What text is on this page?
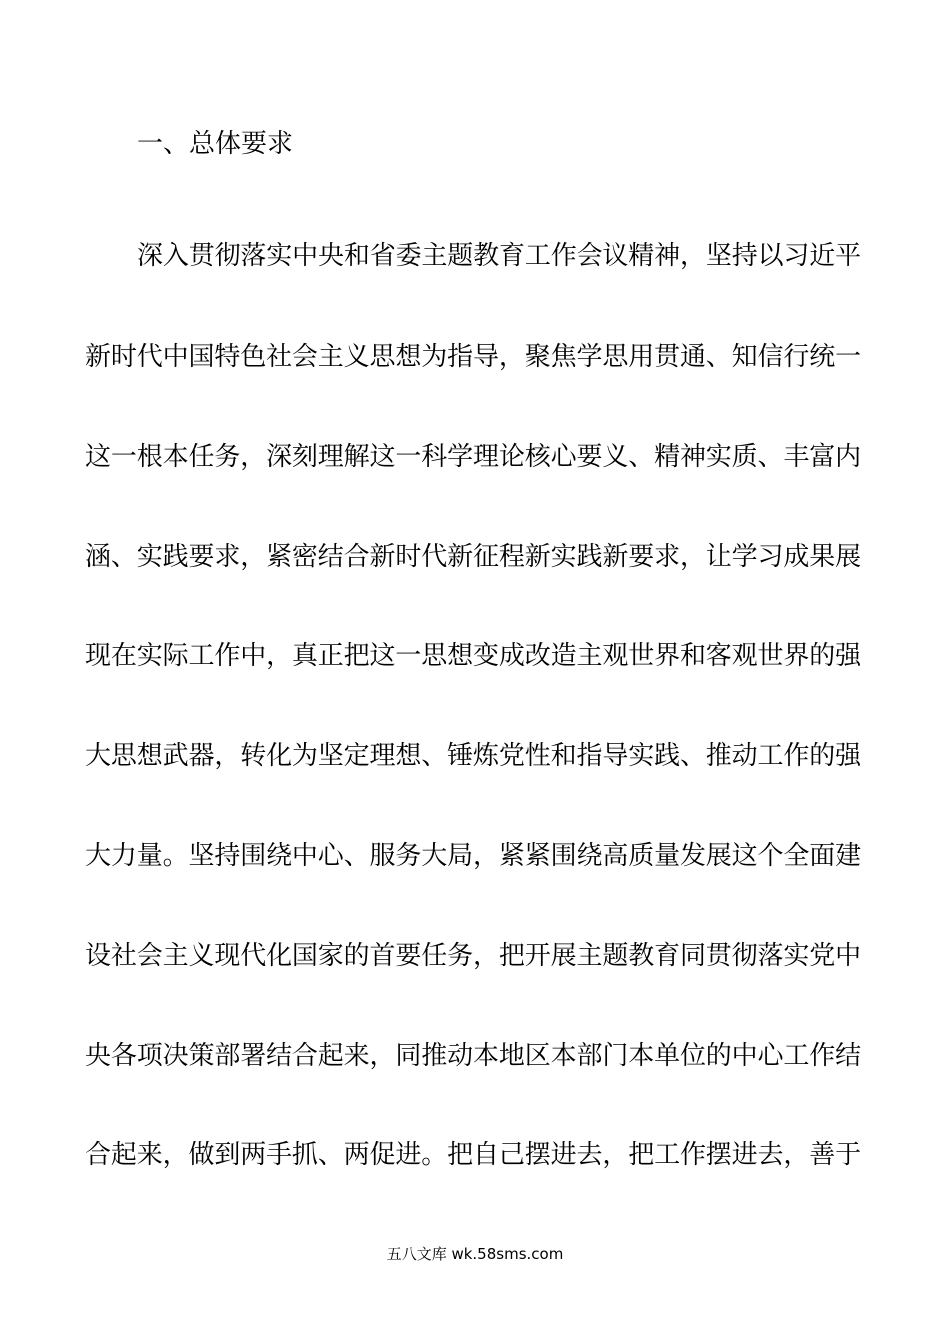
一、总体要求
深入贯彻落实中央和省委主题教育工作会议精神，坚持以习近平
新时代中国特色社会主义思想为指导，聚焦学思用贯通、知信行统一
这一根本任务，深刻理解这一科学理论核心要义、精神实质、丰富内
涵、实践要求，紧密结合新时代新征程新实践新要求，让学习成果展
现在实际工作中，真正把这一思想变成改造主观世界和客观世界的强
大思想武器，转化为坚定理想、锤炼党性和指导实践、推动工作的强
大力量。坚持围绕中心、服务大局，紧紧围绕高质量发展这个全面建
设社会主义现代化国家的首要任务，把开展主题教育同贯彻落实党中
央各项决策部署结合起来，同推动本地区本部门本单位的中心工作结
合起来，做到两手抓、两促进。把自己摆进去，把工作摆进去，善于
五八文库 wk.58sms.com
